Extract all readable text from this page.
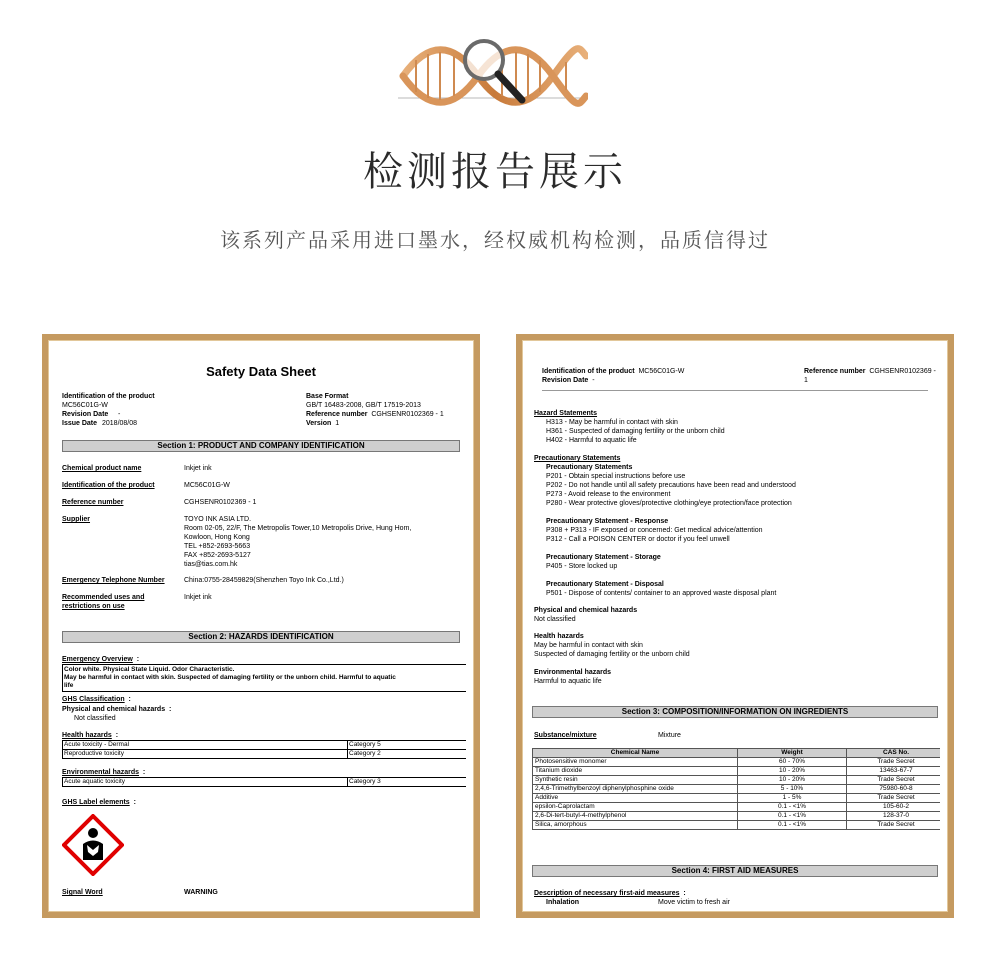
检测报告展示
该系列产品采用进口墨水，经权威机构检测，品质信得过
Safety Data Sheet
Identification of the product
MC56C01G-W
Revision Date -
Issue Date 2018/08/08
Base Format
GB/T 16483-2008, GB/T 17519-2013
Reference number CGHSENR0102369 - 1
Version 1
Section 1: PRODUCT AND COMPANY IDENTIFICATION
Chemical product name	Inkjet ink
Identification of the product	MC56C01G-W
Reference number	CGHSENR0102369 - 1
Supplier	TOYO INK ASIA LTD.
Room 02-05, 22/F, The Metropolis Tower,10 Metropolis Drive, Hung Hom,
Kowloon, Hong Kong
TEL +852-2693-5663
FAX +852-2693-5127
tias@tias.com.hk
Emergency Telephone Number	China:0755-28459829(Shenzhen Toyo Ink Co.,Ltd.)
Recommended uses and
restrictions on use
Inkjet ink
Section 2: HAZARDS IDENTIFICATION
Emergency Overview :
Color white. Physical State Liquid. Odor Characteristic.
May be harmful in contact with skin. Suspected of damaging fertility or the unborn child. Harmful to aquatic
life
GHS Classification :
Physical and chemical hazards :
Not classified
Health hazards :
Acute toxicity - Dermal	Category 5
Reproductive toxicity	Category 2
Environmental hazards :
Acute aquatic toxicity	Category 3
GHS Label elements :
Signal Word	WARNING
Identification of the product MC56C01G-W
Revision Date -
Reference number CGHSENR0102369 - 1
Hazard Statements
H313 - May be harmful in contact with skin
H361 - Suspected of damaging fertility or the unborn child
H402 - Harmful to aquatic life
Precautionary Statements
Precautionary Statements
P201 - Obtain special instructions before use
P202 - Do not handle until all safety precautions have been read and understood
P273 - Avoid release to the environment
P280 - Wear protective gloves/protective clothing/eye protection/face protection
Precautionary Statement - Response
P308 + P313 - IF exposed or concerned: Get medical advice/attention
P312 - Call a POISON CENTER or doctor if you feel unwell
Precautionary Statement - Storage
P405 - Store locked up
Precautionary Statement - Disposal
P501 - Dispose of contents/ container to an approved waste disposal plant
Physical and chemical hazards
Not classified
Health hazards
May be harmful in contact with skin
Suspected of damaging fertility or the unborn child
Environmental hazards
Harmful to aquatic life
Section 3: COMPOSITION/INFORMATION ON INGREDIENTS
Substance/mixture	Mixture
Chemical Name	Weight	CAS No.
Photosensitive monomer	60 - 70%	Trade Secret
Titanium dioxide	10 - 20%	13463-67-7
Synthetic resin	10 - 20%	Trade Secret
2,4,6-Trimethylbenzoyl diphenylphosphine oxide	5 - 10%	75980-60-8
Additive	1 - 5%	Trade Secret
epsilon-Caprolactam	0.1 - <1%	105-60-2
2,6-Di-tert-butyl-4-methylphenol	0.1 - <1%	128-37-0
Silica, amorphous	0.1 - <1%	Trade Secret
Section 4: FIRST AID MEASURES
Description of necessary first-aid measures :
Inhalation	Move victim to fresh air
